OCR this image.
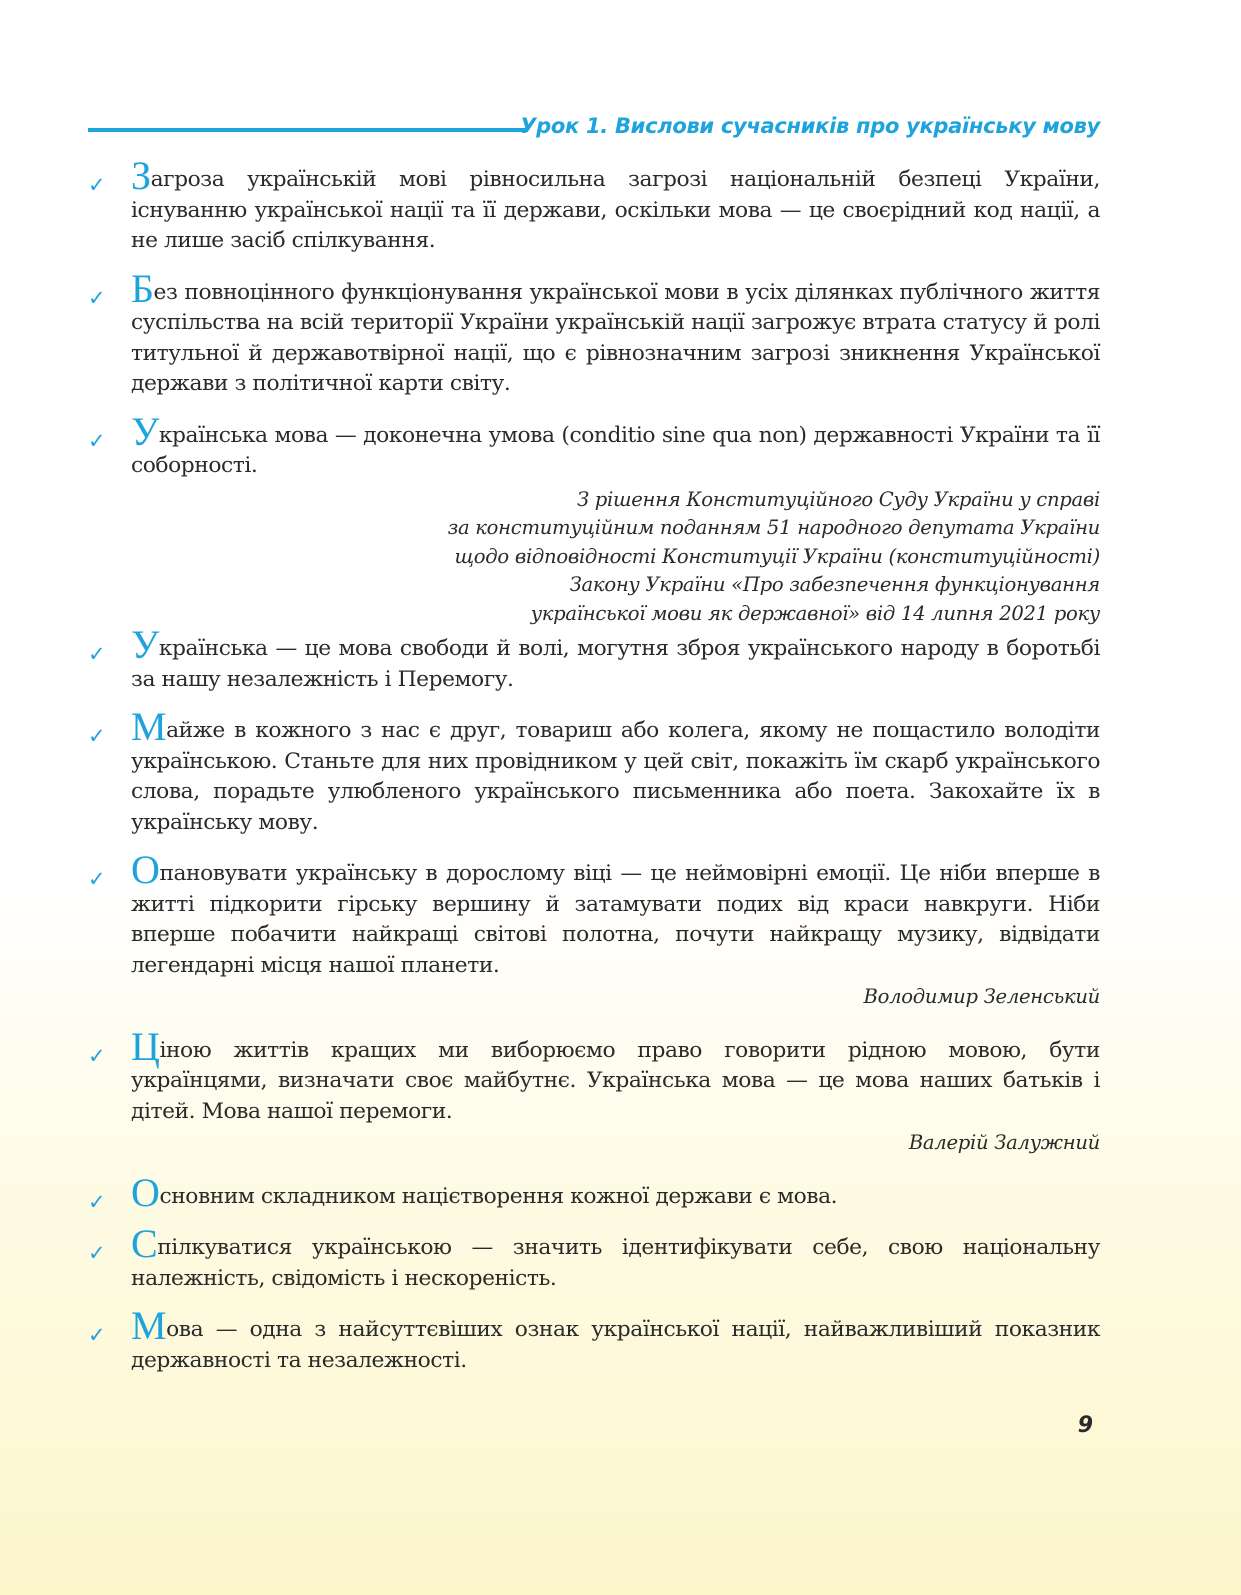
Урок 1. Вислови сучасників про українську мову
✓ Загроза українській мові рівносильна загрозі національній безпеці України, існуванню української нації та її держави, оскільки мова — це своєрідний код нації, а не лише засіб спілкування.
✓ Без повноцінного функціонування української мови в усіх ділянках публічного життя суспільства на всій території України українській нації загрожує втрата статусу й ролі титульної й державотвірної нації, що є рівнозначним загрозі зникнення Української держави з політичної карти світу.
✓ Українська мова — доконечна умова (conditio sine qua non) державності України та її соборності.
З рішення Конституційного Суду України у справі
за конституційним поданням 51 народного депутата України
щодо відповідності Конституції України (конституційності)
Закону України «Про забезпечення функціонування
української мови як державної» від 14 липня 2021 року
✓ Українська — це мова свободи й волі, могутня зброя українського народу в боротьбі за нашу незалежність і Перемогу.
✓ Майже в кожного з нас є друг, товариш або колега, якому не пощастило володіти українською. Станьте для них провідником у цей світ, покажіть їм скарб українського слова, порадьте улюбленого українського письменника або поета. Закохайте їх в українську мову.
✓ Опановувати українську в дорослому віці — це неймовірні емоції. Це ніби вперше в житті підкорити гірську вершину й затамувати подих від краси навкруги. Ніби вперше побачити найкращі світові полотна, почути найкращу музику, відвідати легендарні місця нашої планети.
Володимир Зеленський
✓ Ціною життів кращих ми виборюємо право говорити рідною мовою, бути українцями, визначати своє майбутнє. Українська мова — це мова наших батьків і дітей. Мова нашої перемоги.
Валерій Залужний
✓ Основним складником націєтворення кожної держави є мова.
✓ Спілкуватися українською — значить ідентифікувати себе, свою національну належність, свідомість і нескореність.
✓ Мова — одна з найсуттєвіших ознак української нації, найважливіший показник державності та незалежності.
9
